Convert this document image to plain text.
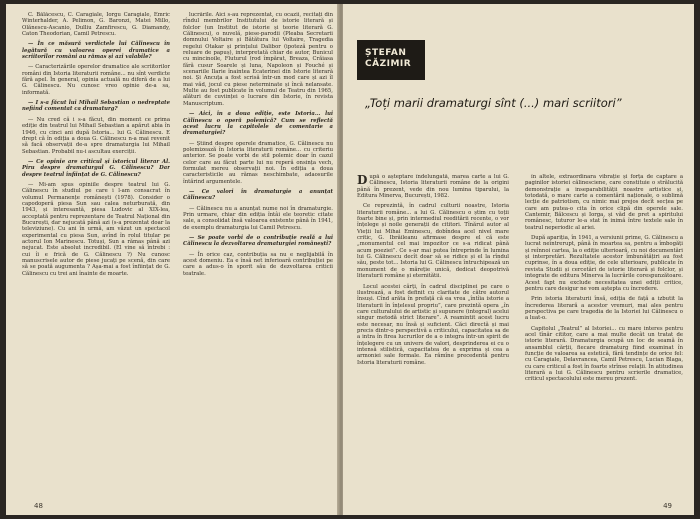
C. Bălăcescu, C. Caragiale, Iorgu Caragiale, Emric Winterhalder, A. Pelimon, G. Baronzi, Matei Millo, Olănescu-Ascanio, Dulliu Zamfirescu, G. Diamandy, Caton Theodorian, Camil Petrescu.

— În ce măsură verdictele lui Călinescu în legătură cu valoarea operei dramatice a scriitorilor români au rămas și azi valabile?

— Caracterizările operelor dramatice ale scriitorilor români din Istoria literaturii române... nu sînt verdicte fără apel. În general, opinia actuală nu diferă de a lui G. Călinescu. Nu cunosc vreo opinie de-a sa, informată.

— I s-a făcut lui Mihail Sebastian o nedreptate nefiind comentat ca dramaturg?

— Nu cred că i s-a făcut, din moment ce prima ediție din teatrul lui Mihail Sebastian a apărut abia în 1946, cu cinci ani după Istoria... lui G. Călinescu. E drept că în ediția a doua G. Călinescu n-a mai revenit să facă observații de-a spre dramaturgia lui Mihail Sebastian. Probabil nu-i ascultau exerciții.

— Ce opinie are criticul și istoricul literar Al. Piru despre dramaturgul G. Călinescu? Dar despre teatrul înființat de G. Călinescu?

— Mi-am spus opiniile despre teatrul lui G. Călinescu în studiul pe care i l-am consacrat în volumul Permanențe românești (1978). Consider o capodoperă piesa Sun sau calea neturburată, din 1943, și interesantă, piesa Ludovic al XIX-lea, acceptată pentru reprezentare de Teatrul Național din București, dar nejucată până azi (s-a prezentat doar la televiziune). Cu ani în urmă, am văzut un spectacol experimental cu piesa Sun, avînd în rolul titular pe actorul Ion Marinescu. Totuși, Sun a rămas până azi nejucat. Este absolut incredibil. (El vine să întrebi : cui îi e frică de G. Călinescu ?) Nu cunosc manuscrisele autor de piese jucați pe scenă, din care să se poată augumenta ? Așa-mai a fost înființat de G. Călinescu cu trei ani înainte de moarte.

lucrările. Aici s-au reprezentat, cu ocazii, recitați din rîndul membrilor Institutului de istorie literară și folclor (un Institut de istorie și teorie literară G. Călinescu), o nuvelă, piese-parodii (Pleaba Secretarii domnului Voltaire și Bătătura lui Voltaire, Tragedia regelui Otakar și prințului Dalibor (ipoteză pentru o reluare de papuș), interpretată chiar de autor, Bunicul cu mincinoile, Fluturul (rod împărat, Breaza, Crăiasa fără cusur Soarele și luna, Napoleon și Fouché și scenariile Ilarie înaintea Ecaterinei din Istorie literară noi. Și Ancuța a fost scrisă într-un mod care și azi îl mai văd, jocul cu piese neterminate și încă nelansate. Multe au fost publicate în volumul de Teatru din 1965, alături de cuviinței o lucrare din Istorie, în revista Manuscriptum.

— Aici, în a doua ediție, este Istoria... lui Călinescu o operă polemică? Cum se reflectă acest lucru la capitolele de comentarie a dramaturgiei?

— Știind despre operele dramatice, G. Călinescu nu polemizează în Istoria literaturii române... cu criteriu anterior. Se poate vorbi de stil polemic doar în cazul celor care au făcut parte lui nu reperă onsința vech, formulat mereu observații noi. În ediția a doua caracteristicile au rămas neschimbate, adaosurile întărind argumentele.

— Ce valori în dramaturgie a anunțat Călinescu?

— Călinescu nu a anunțat nume noi în dramaturgie. Prin urmare, chiar din ediția întâi ele teoretic citate sale, a consolidat însă valoarea existente până în 1941, de exemplu dramaturgia lui Camil Petrescu.

— Se poate vorbi de o contribuție reală a lui Călinescu la dezvoltarea dramaturgiei românești?

— În orice caz, contribuția sa nu e neglijabilă în acest domeniu. Ea e însă net inferioară contribuției pe care a adus-o în sporit său de dezvoltarea criticii teatrale.

48
ȘTEFAN
CĂZIMIR
„Toți marii dramaturgi sînt (...) mari scriitori”

După o așteptare îndelungată, marea carte a lui G. Călinescu, Istoria literaturii române de la origini până în prezent, vede din nou lumina tiparului, la Editura Minerva, București, 1982.

Ce reprezintă, în cadrul culturii noastre, Istoria literaturii române... a lui G. Călinescu o știm cu toții foarte bine și, prin intermediul reeditării recente, o vor înțelege și noile generații de cititori. Tînărul autor al Vieții lui Mihai Eminescu, dobîndea acel nivel mare critic, G. Ibrăileanu afirmase despre el că este „monumentul cel mai impozitor ce s-a ridicat până acum poeziei”. Ce s-ar mai putea întreprinde în lumina lui G. Călinescu decît doar să se ridice și el la rîndul său, peste tot... Istoria lui G. Călinescu întruchipează un monument de o măreție unică, dedicat deopotrivă literaturii române și eternitătii.

Locul acestei cărți, în cadrul disciplinei pe care o ilustrează, a fost definit cu claritate de către autorul însuși. Cînd arăta în prefață că ea vrea „întîia istorie a literaturii în înțelesul propriu”, care prezintă opera „în care culturalului de artistic și supunere (integral) acelui singur metodă strict literare”. A reamintit acest lucru este necesar, nu însă și suficient. Căci directă și mai precis dintr-o perspectivă a criticului, capacitatea sa de a intra în firea lucrurilor de a o integra într-un spirit de înțelegere cu un univers de valori, desprinderea ei cu o intensă stilistică, capacitatea de a exprima și cea a armoniei sale formale. Ea rămîne precedentă pentru Istoria literaturii române.

în altele, extraordinara vibrație și forța de captare a paginilor istoriei călinesciene, care constituie o strălucită demonstrație a inseparabilității noastre artistice și, totodată, o mare carte a comentării naționale, o sublimă lecție de patriotism, cu nimic mai prejos decît secțea pe care am putea-o cita în orice clipă din operele sale. Cantemir, Bălcescu și Iorga, și văd de pret a spiritului românesc, tuturor le-a stat în inimă între textele sale în teatrul neperiodic al ariei.

După apariția, în 1941, a versiunii prime, G. Călinescu a lucrat neîntrerupt, până în moartea sa, pentru a îmbogăți și reînnoi cartea, la o ediție ulterioară, cu noi documentări și interpretări. Rezultatele acestor îmbunătățiri au fost cuprinse, în a doua ediție, de cele ulterioare, publicate în revista Studii și cercetări de istorie literară și folclor, și integrate de editura Minerva la lucrările corespunzătoare. Acest fapt nu exclude necesitatea unei ediții critice, pentru care desigur ne vom aștepta cu încredere.

Prin istoria literaturii însă, ediția de față a izbutit la încrederea literară a acestor vremuri, mai ales pentru perspectiva pe care tragedia de la Istoriei lui Călinescu o a luat-o.

Capitolul „Teatrul” al Istoriei... cu mare interes pentru acel tînăr cititor, care a mai multe decât un tratat de istorie literară. Dramaturgia ocupă un loc de seamă în ansamblul cărții, fiecare dramaturg fiind examinat în funcție de valoarea sa estetică, fără tendințe de orice fel: cu Caragiale, Delavrancea, Camil Petrescu, Lucian Blaga, cu care criticul a fost în foarte strînse relații. În atitudinea literară a lui G. Călinescu pentru scrierile dramatice, criticul spectacolului este mereu prezent.

49
